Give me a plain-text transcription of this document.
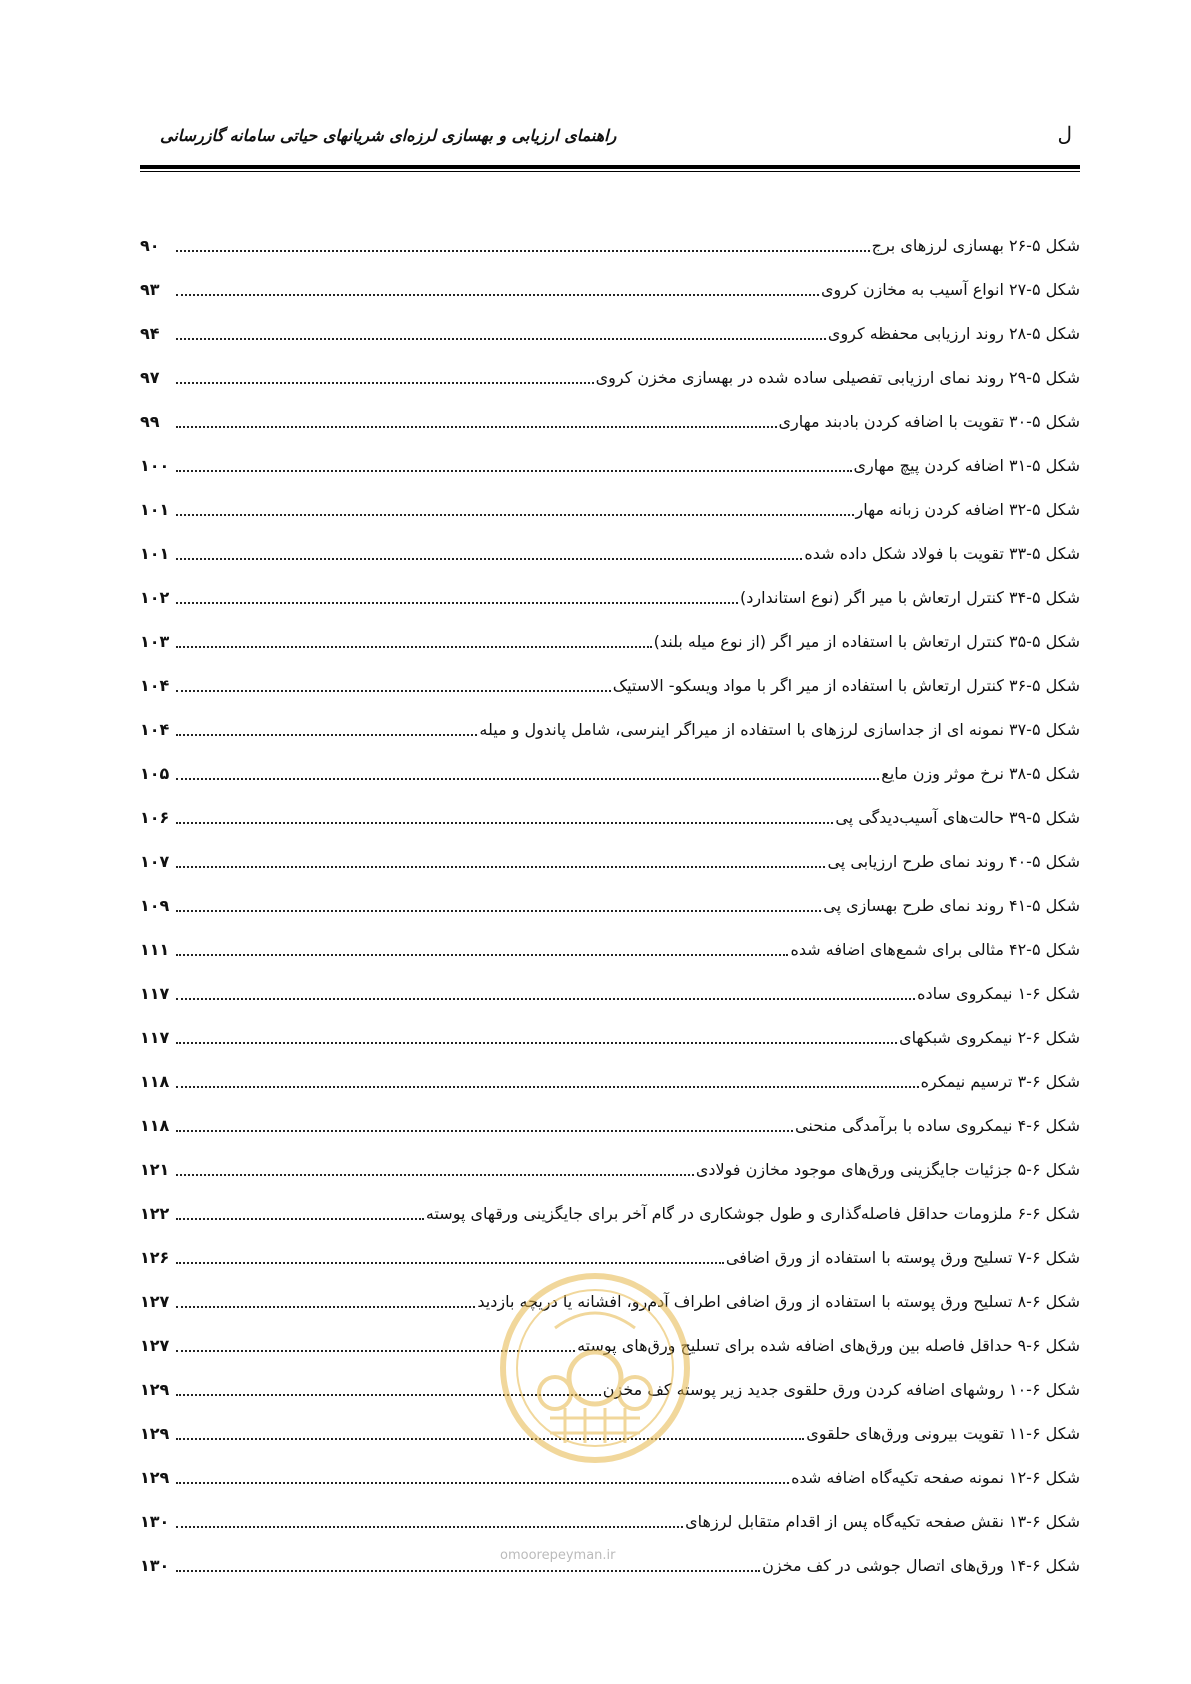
ل
راهنمای ارزیابی و بهسازی لرزه‌ای شریانهای حیاتی سامانه گازرسانی
شکل ۵-۲۶ بهسازی لرزهای برج
۹۰
شکل ۵-۲۷ انواع آسیب به مخازن کروی
۹۳
شکل ۵-۲۸ روند ارزیابی محفظه کروی
۹۴
شکل ۵-۲۹ روند نمای ارزیابی تفصیلی ساده شده در بهسازی مخزن کروی
۹۷
شکل ۵-۳۰ تقویت با اضافه کردن بادبند مهاری
۹۹
شکل ۵-۳۱ اضافه کردن پیچ مهاری
۱۰۰
شکل ۵-۳۲ اضافه کردن زبانه مهار
۱۰۱
شکل ۵-۳۳ تقویت با فولاد شکل داده شده
۱۰۱
شکل ۵-۳۴ کنترل ارتعاش با میر اگر (نوع استاندارد)
۱۰۲
شکل ۵-۳۵ کنترل ارتعاش با استفاده از میر اگر (از نوع میله بلند)
۱۰۳
شکل ۵-۳۶ کنترل ارتعاش با استفاده از میر اگر با مواد ویسکو- الاستیک
۱۰۴
شکل ۵-۳۷ نمونه ای از جداسازی لرزهای با استفاده از میراگر اینرسی، شامل پاندول و میله
۱۰۴
شکل ۵-۳۸ نرخ موثر وزن مایع
۱۰۵
شکل ۵-۳۹ حالت‌های آسیب‌دیدگی پی
۱۰۶
شکل ۵-۴۰ روند نمای طرح ارزیابی پی
۱۰۷
شکل ۵-۴۱ روند نمای طرح بهسازی پی
۱۰۹
شکل ۵-۴۲ مثالی برای شمع‌های اضافه شده
۱۱۱
شکل ۶-۱ نیمکروی ساده
۱۱۷
شکل ۶-۲ نیمکروی شبکهای
۱۱۷
شکل ۶-۳ ترسیم نیمکره
۱۱۸
شکل ۶-۴ نیمکروی ساده با برآمدگی منحنی
۱۱۸
شکل ۶-۵ جزئیات جایگزینی ورق‌های موجود مخازن فولادی
۱۲۱
شکل ۶-۶ ملزومات حداقل فاصله‌گذاری و طول جوشکاری در گام آخر برای جایگزینی ورقهای پوسته
۱۲۲
شکل ۶-۷ تسلیح ورق پوسته با استفاده از ورق اضافی
۱۲۶
شکل ۶-۸ تسلیح ورق پوسته با استفاده از ورق اضافی اطراف آدم‌رو، افشانه یا دریچه بازدید
۱۲۷
شکل ۶-۹ حداقل فاصله بین ورق‌های اضافه شده برای تسلیح ورق‌های پوسته
۱۲۷
شکل ۶-۱۰ روشهای اضافه کردن ورق حلقوی جدید زیر پوسته کف مخزن
۱۲۹
شکل ۶-۱۱ تقویت بیرونی ورق‌های حلقوی
۱۲۹
شکل ۶-۱۲ نمونه صفحه تکیه‌گاه اضافه شده
۱۲۹
شکل ۶-۱۳ نقش صفحه تکیه‌گاه پس از اقدام متقابل لرزهای
۱۳۰
شکل ۶-۱۴ ورق‌های اتصال جوشی در کف مخزن
۱۳۰
omoorepeyman.ir
